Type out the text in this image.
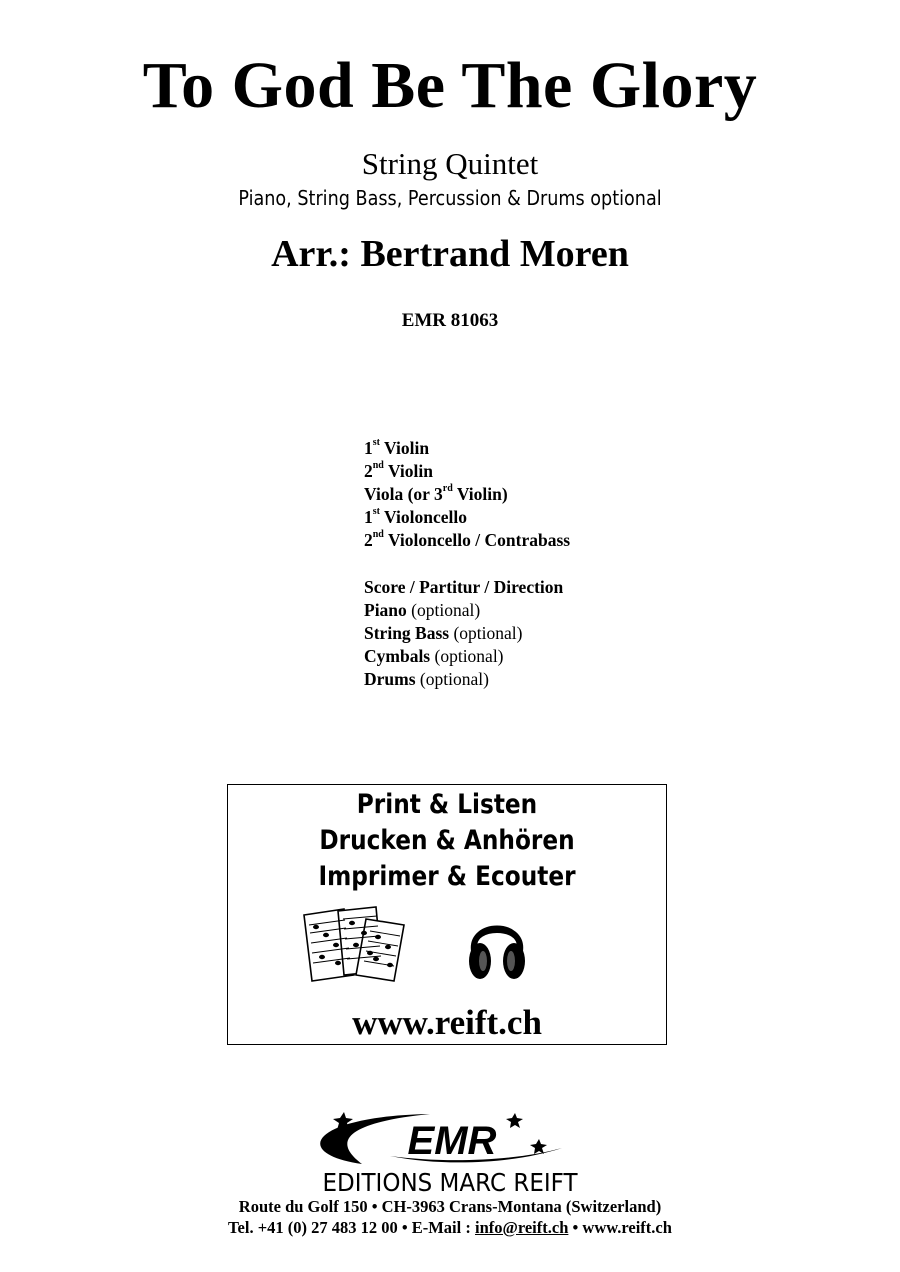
To God Be The Glory
String Quintet
Piano, String Bass, Percussion & Drums optional
Arr.: Bertrand Moren
EMR 81063
1st Violin
2nd Violin
Viola (or 3rd Violin)
1st Violoncello
2nd Violoncello / Contrabass
Score / Partitur / Direction
Piano (optional)
String Bass (optional)
Cymbals (optional)
Drums (optional)
Print & Listen
Drucken & Anhören
Imprimer & Ecouter
www.reift.ch
EMR
EDITIONS MARC REIFT
Route du Golf 150 • CH-3963 Crans-Montana (Switzerland)
Tel. +41 (0) 27 483 12 00 • E-Mail : info@reift.ch • www.reift.ch
